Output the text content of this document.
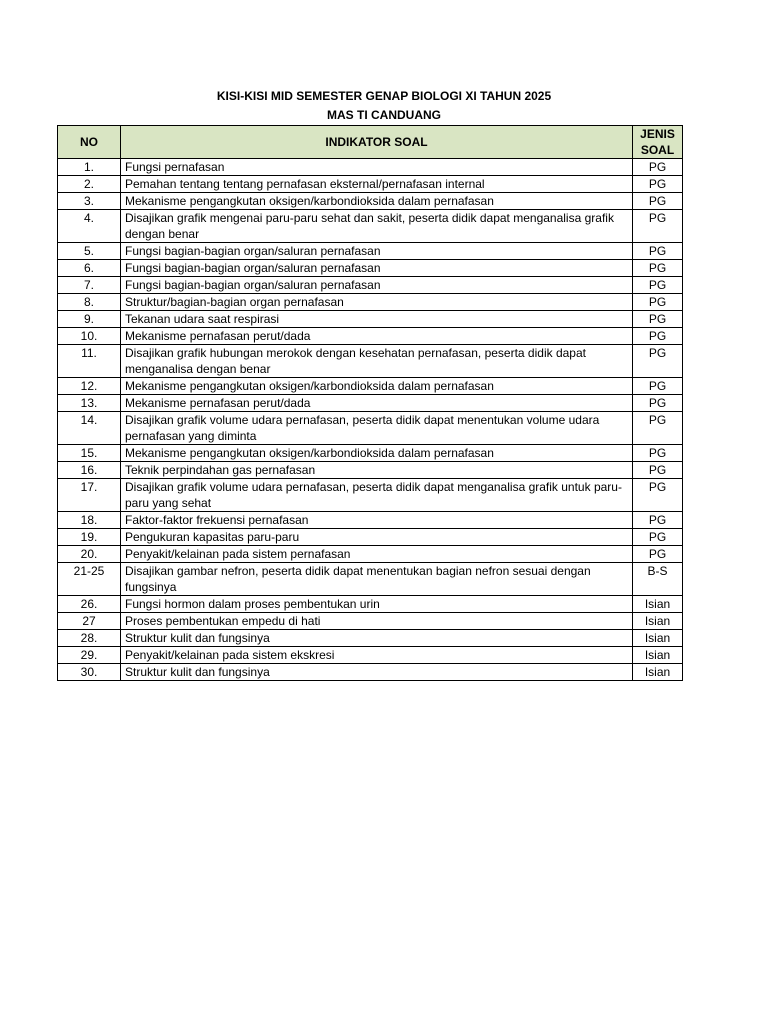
KISI-KISI MID SEMESTER GENAP BIOLOGI XI TAHUN 2025
MAS TI CANDUANG
NO	INDIKATOR SOAL	JENIS
SOAL

1.	Fungsi pernafasan	PG
2.	Pemahan tentang tentang pernafasan eksternal/pernafasan internal	PG
3.	Mekanisme pengangkutan oksigen/karbondioksida dalam pernafasan	PG
4.	Disajikan grafik mengenai paru-paru sehat dan sakit, peserta didik dapat menganalisa grafik dengan benar	PG
5.	Fungsi bagian-bagian organ/saluran pernafasan	PG
6.	Fungsi bagian-bagian organ/saluran pernafasan	PG
7.	Fungsi bagian-bagian organ/saluran pernafasan	PG
8.	Struktur/bagian-bagian organ pernafasan	PG
9.	Tekanan udara saat respirasi	PG
10.	Mekanisme pernafasan perut/dada	PG
11.	Disajikan grafik hubungan merokok dengan kesehatan pernafasan, peserta didik dapat menganalisa dengan benar	PG
12.	Mekanisme pengangkutan oksigen/karbondioksida dalam pernafasan	PG
13.	Mekanisme pernafasan perut/dada	PG
14.	Disajikan grafik volume udara pernafasan, peserta didik dapat menentukan volume udara pernafasan yang diminta	PG
15.	Mekanisme pengangkutan oksigen/karbondioksida dalam pernafasan	PG
16.	Teknik perpindahan gas pernafasan	PG
17.	Disajikan grafik volume udara pernafasan, peserta didik dapat menganalisa grafik untuk paru-paru yang sehat	PG
18.	Faktor-faktor frekuensi pernafasan	PG
19.	Pengukuran kapasitas paru-paru	PG
20.	Penyakit/kelainan pada sistem pernafasan	PG
21-25	Disajikan gambar nefron, peserta didik dapat menentukan bagian nefron sesuai dengan fungsinya	B-S
26.	Fungsi hormon dalam proses pembentukan urin	Isian
27	Proses pembentukan empedu di hati	Isian
28.	Struktur kulit dan fungsinya	Isian
29.	Penyakit/kelainan pada sistem ekskresi	Isian
30.	Struktur kulit dan fungsinya	Isian
